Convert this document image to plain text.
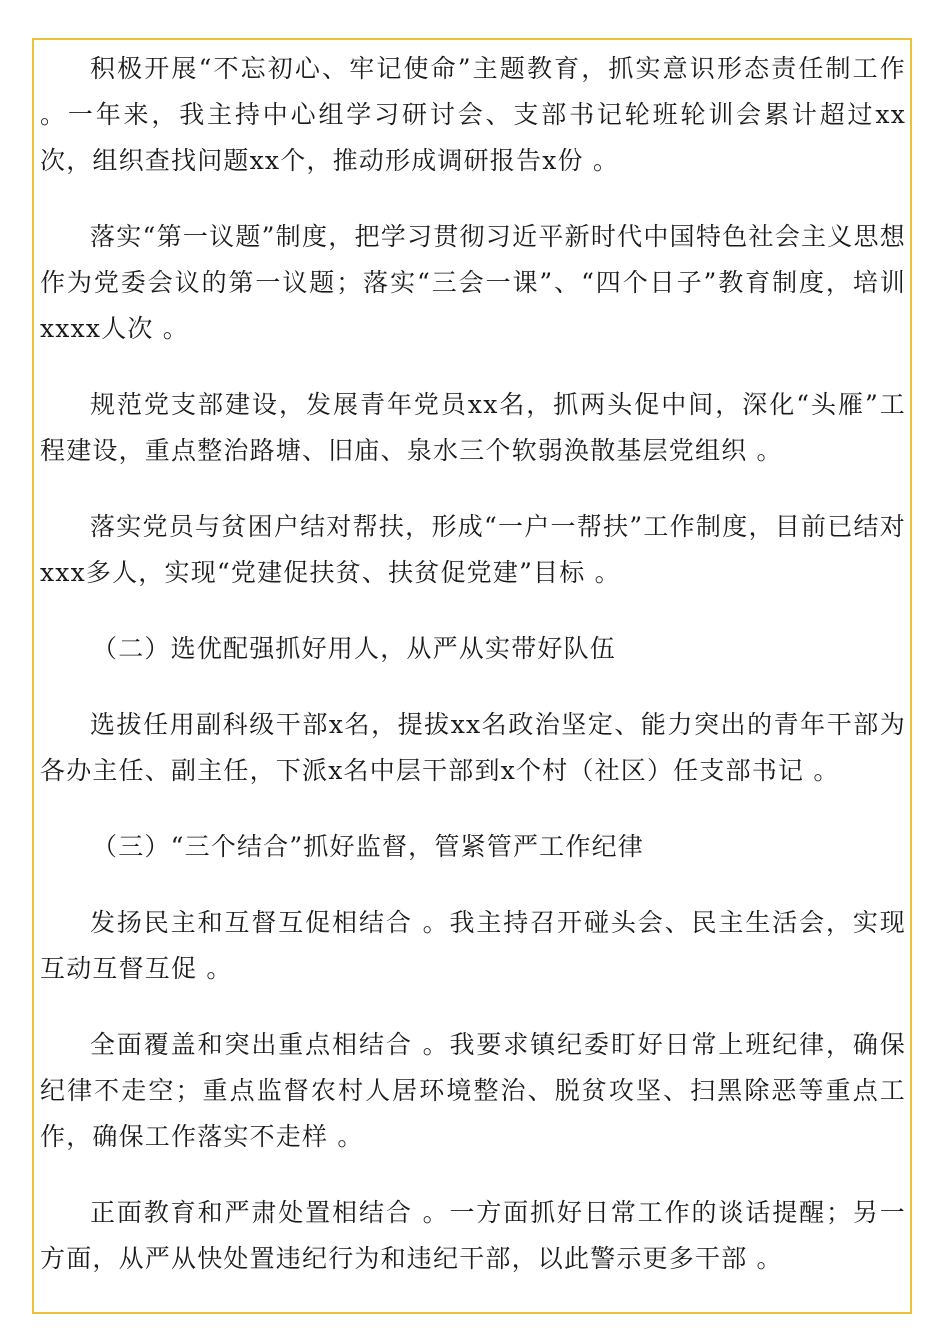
积极开展“不忘初心、牢记使命”主题教育，抓实意识形态责任制工作 。一年来，我主持中心组学习研讨会、支部书记轮班轮训会累计超过xx次，组织查找问题xx个，推动形成调研报告x份 。

落实“第一议题”制度，把学习贯彻习近平新时代中国特色社会主义思想作为党委会议的第一议题；落实“三会一课”、“四个日子”教育制度，培训xxxx人次 。

规范党支部建设，发展青年党员xx名，抓两头促中间，深化“头雁”工程建设，重点整治路塘、旧庙、泉水三个软弱涣散基层党组织 。

落实党员与贫困户结对帮扶，形成“一户一帮扶”工作制度，目前已结对xxx多人，实现“党建促扶贫、扶贫促党建”目标 。

（二）选优配强抓好用人，从严从实带好队伍

选拔任用副科级干部x名，提拔xx名政治坚定、能力突出的青年干部为各办主任、副主任，下派x名中层干部到x个村（社区）任支部书记 。

（三）“三个结合”抓好监督，管紧管严工作纪律

发扬民主和互督互促相结合 。我主持召开碰头会、民主生活会，实现互动互督互促 。

全面覆盖和突出重点相结合 。我要求镇纪委盯好日常上班纪律，确保纪律不走空；重点监督农村人居环境整治、脱贫攻坚、扫黑除恶等重点工作，确保工作落实不走样 。

正面教育和严肃处置相结合 。一方面抓好日常工作的谈话提醒；另一方面，从严从快处置违纪行为和违纪干部，以此警示更多干部 。
